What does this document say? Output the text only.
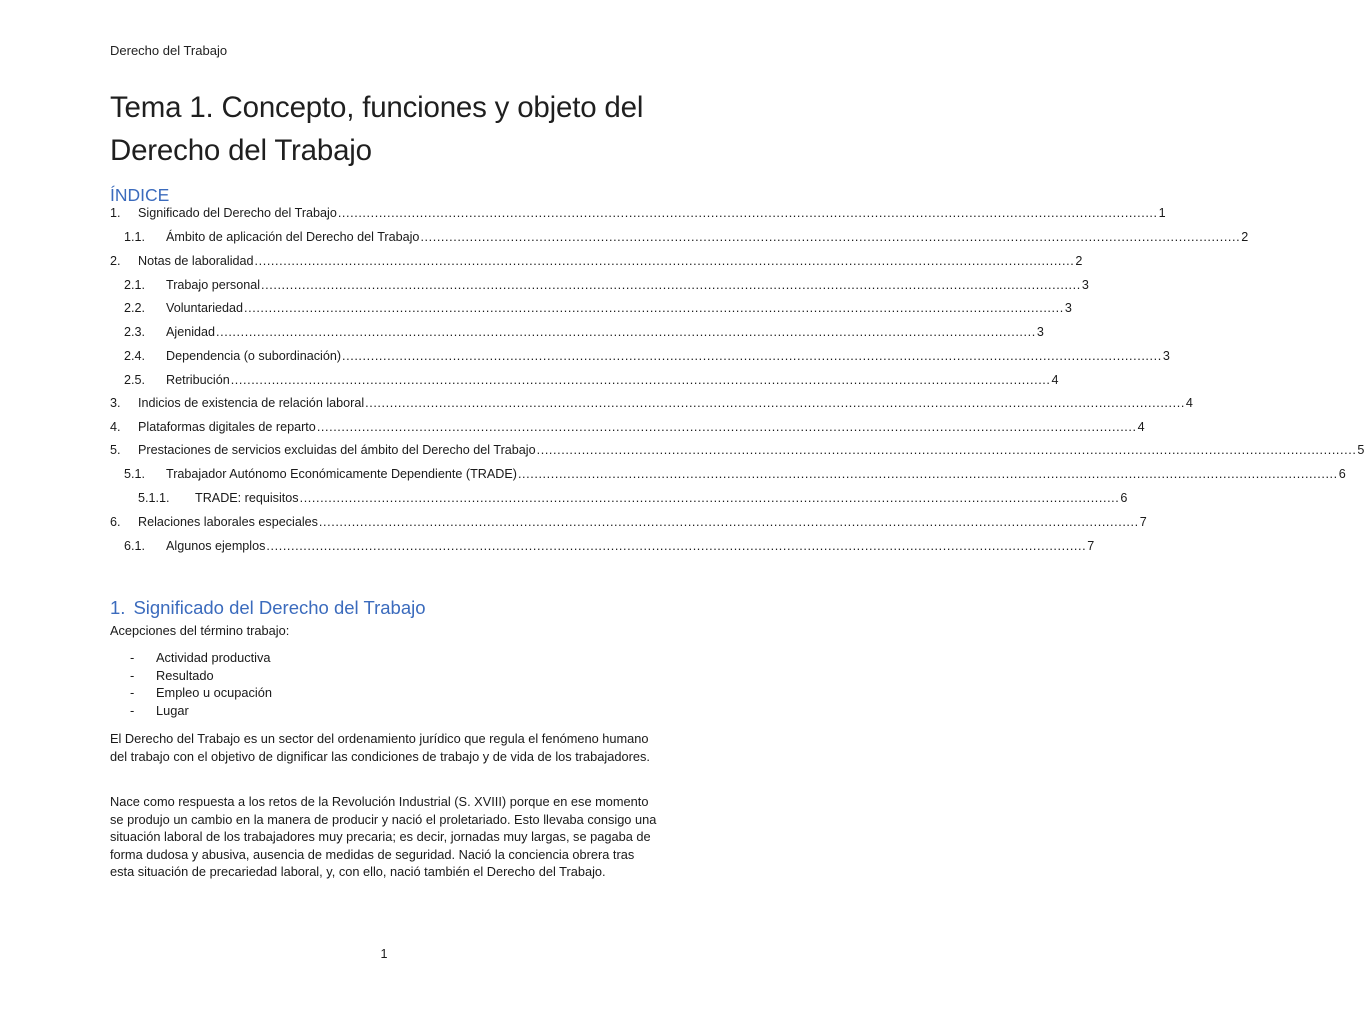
Derecho del Trabajo
Tema 1. Concepto, funciones y objeto del Derecho del Trabajo
ÍNDICE
1.	Significado del Derecho del Trabajo ........................................................................................................................................................................................................ 1
1.1.	Ámbito de aplicación del Derecho del Trabajo ........................................................................................................................................................................................................ 2
2.	Notas de laboralidad ........................................................................................................................................................................................................ 2
2.1.	Trabajo personal ........................................................................................................................................................................................................ 3
2.2.	Voluntariedad ........................................................................................................................................................................................................ 3
2.3.	Ajenidad ........................................................................................................................................................................................................ 3
2.4.	Dependencia (o subordinación) ........................................................................................................................................................................................................ 3
2.5.	Retribución ........................................................................................................................................................................................................ 4
3.	Indicios de existencia de relación laboral ........................................................................................................................................................................................................ 4
4.	Plataformas digitales de reparto ........................................................................................................................................................................................................ 4
5.	Prestaciones de servicios excluidas del ámbito del Derecho del Trabajo ........................................................................................................................................................................................................ 5
5.1.	Trabajador Autónomo Económicamente Dependiente (TRADE) ........................................................................................................................................................................................................ 6
5.1.1.	TRADE: requisitos ........................................................................................................................................................................................................ 6
6.	Relaciones laborales especiales ........................................................................................................................................................................................................ 7
6.1.	Algunos ejemplos ........................................................................................................................................................................................................ 7
1. Significado del Derecho del Trabajo

Acepciones del término trabajo:

-	Actividad productiva
-	Resultado
-	Empleo u ocupación
-	Lugar

El Derecho del Trabajo es un sector del ordenamiento jurídico que regula el fenómeno humano del trabajo con el objetivo de dignificar las condiciones de trabajo y de vida de los trabajadores.

Nace como respuesta a los retos de la Revolución Industrial (S. XVIII) porque en ese momento se produjo un cambio en la manera de producir y nació el proletariado. Esto llevaba consigo una situación laboral de los trabajadores muy precaria; es decir, jornadas muy largas, se pagaba de forma dudosa y abusiva, ausencia de medidas de seguridad. Nació la conciencia obrera tras esta situación de precariedad laboral, y, con ello, nació también el Derecho del Trabajo.

1
